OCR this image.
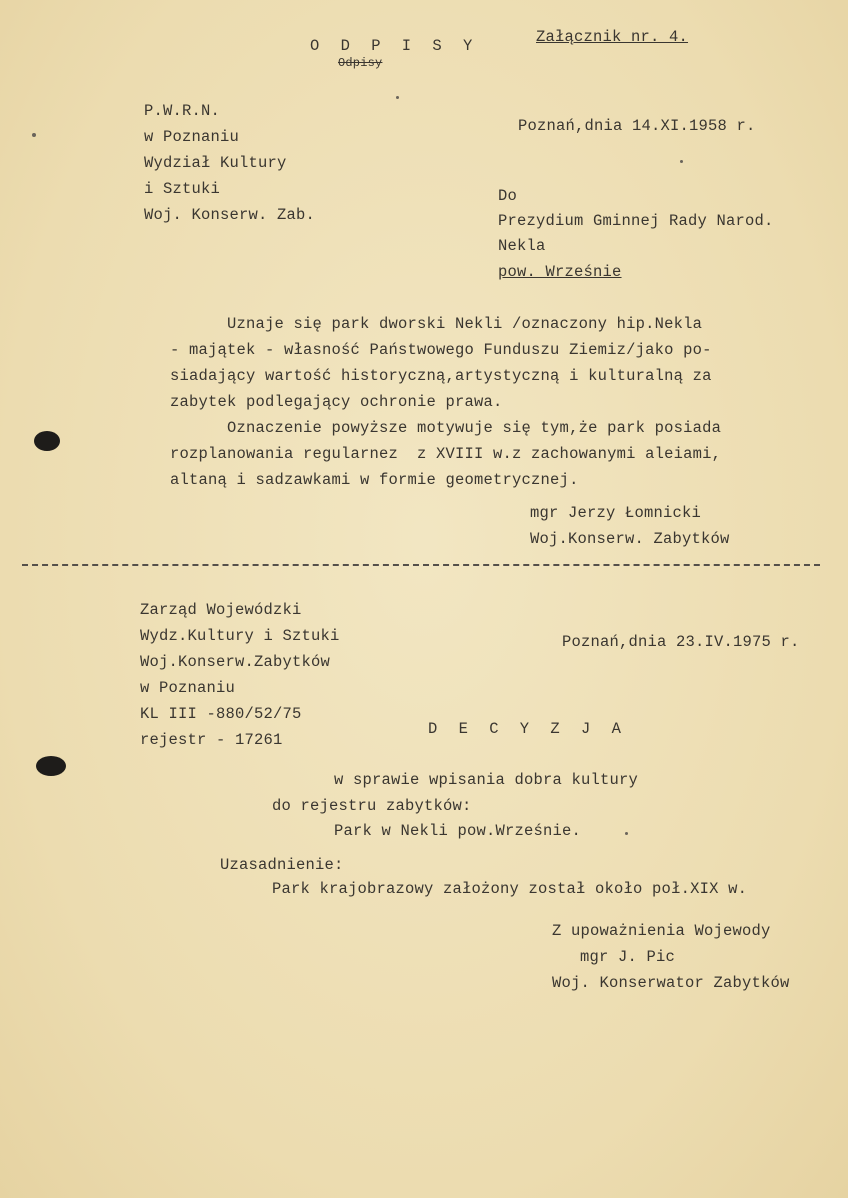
O D P I S Y
Odpisy
Załącznik nr. 4.
P.W.R.N.
w Poznaniu
Wydział Kultury
i Sztuki
Woj. Konserw. Zab.
Poznań,dnia 14.XI.1958 r.
Do
Prezydium Gminnej Rady Narod.
Nekla
pow. Wrześnie
Uznaje się park dworski Nekli /oznaczony hip.Nekla
- majątek - własność Państwowego Funduszu Ziemiz/jako po-
siadający wartość historyczną,artystyczną i kulturalną za
zabytek podlegający ochronie prawa.
Oznaczenie powyższe motywuje się tym,że park posiada
rozplanowania regularnez  z XVIII w.z zachowanymi aleiami,
altaną i sadzawkami w formie geometrycznej.
mgr Jerzy Łomnicki
Woj.Konserw. Zabytków
Zarząd Wojewódzki
Wydz.Kultury i Sztuki
Woj.Konserw.Zabytków
w Poznaniu
KL III -880/52/75
rejestr - 17261
Poznań,dnia 23.IV.1975 r.
D E C Y Z J A
w sprawie wpisania dobra kultury
do rejestru zabytków:
Park w Nekli pow.Wrześnie.
Uzasadnienie:
Park krajobrazowy założony został około poł.XIX w.
Z upoważnienia Wojewody
mgr J. Pic
Woj. Konserwator Zabytków
